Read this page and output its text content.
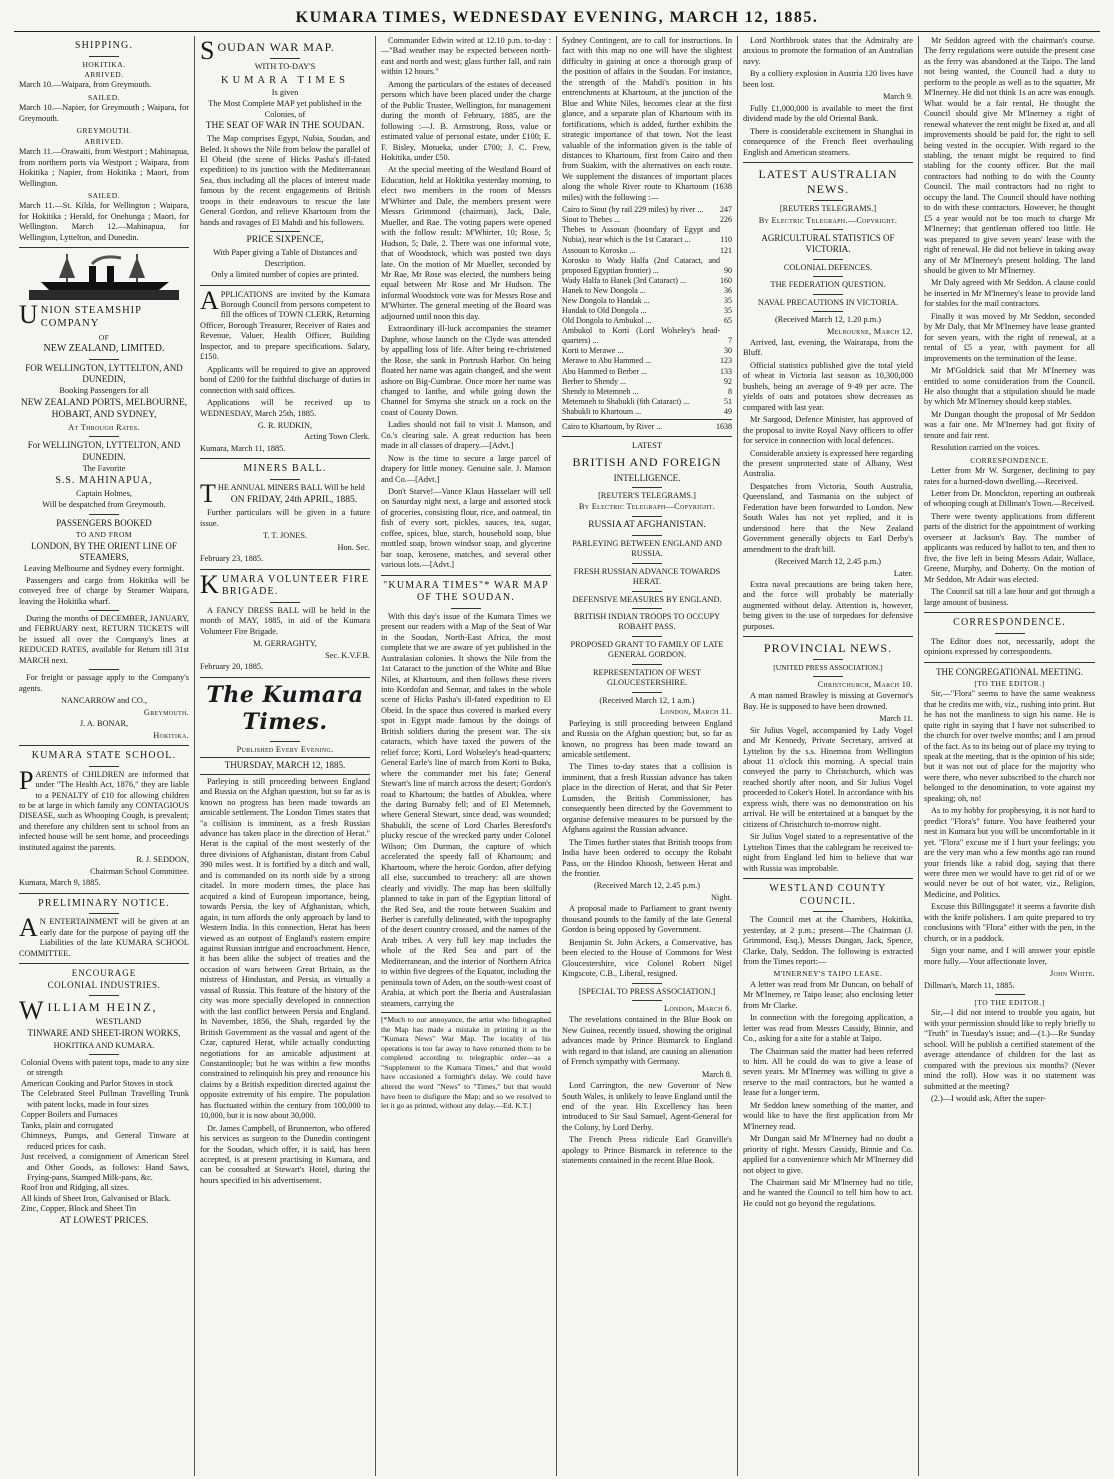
KUMARA TIMES, WEDNESDAY EVENING, MARCH 12, 1885.
SHIPPING.
HOKITIKA.
ARRIVED.

March 10.—Waipara, from Greymouth.

SAILED.

March 10.—Napier, for Greymouth ; Waipara, for Greymouth.

GREYMOUTH.
ARRIVED.

March 11.—Orawaiti, from Westport ; Mahinapua, from northern ports via Westport ; Waipara, from Hokitika ; Napier, from Hokitika ; Maori, from Wellington.

SAILED.

March 11.—St. Kilda, for Wellington ; Waipara, for Hokitika ; Herald, for Onehunga ; Maori, for Wellington. March 12.—Mahinapua, for Wellington, Lyttelton, and Dunedin.

UNION STEAMSHIP COMPANY
OF
NEW ZEALAND, LIMITED.
FOR WELLINGTON, LYTTELTON, AND DUNEDIN,
Booking Passengers for all
NEW ZEALAND PORTS, MELBOURNE, HOBART, AND SYDNEY,
At Through Rates.
For WELLINGTON, LYTTELTON, AND DUNEDIN.
The Favorite
S.S. MAHINAPUA,
Captain Holmes,
Will be despatched from Greymouth.
PASSENGERS BOOKED
TO AND FROM
LONDON, BY THE ORIENT LINE OF STEAMERS,
Leaving Melbourne and Sydney every fortnight.

Passengers and cargo from Hokitika will be conveyed free of charge by Steamer Waipara, leaving the Hokitika wharf.

During the months of DECEMBER, JANUARY, and FEBRUARY next, RETURN TICKETS will be issued all over the Company's lines at REDUCED RATES, available for Return till 31st MARCH next.

For freight or passage apply to the Company's agents.

NANCARROW and CO.,
Greymouth.
J. A. BONAR,
Hokitika.
KUMARA STATE SCHOOL.

PARENTS of CHILDREN are informed that under "The Health Act, 1876," they are liable to a PENALTY of £10 for allowing children to be at large in which family any CONTAGIOUS DISEASE, such as Whooping Cough, is prevalent; and therefore any children sent to school from an infected house will be sent home, and proceedings instituted against the parents.

R. J. SEDDON,
Chairman School Committee.
Kumara, March 9, 1885.
PRELIMINARY NOTICE.

AN ENTERTAINMENT will be given at an early date for the purpose of paying off the Liabilities of the late KUMARA SCHOOL COMMITTEE.

ENCOURAGE
COLONIAL INDUSTRIES.
WILLIAM HEINZ,
WESTLAND
TINWARE AND SHEET-IRON WORKS,
HOKITIKA AND KUMARA.
Colonial Ovens with patent tops, made to any size or strength
American Cooking and Parlor Stoves in stock
The Celebrated Steel Pullman Travelling Trunk with patent locks, made in four sizes
Copper Boilers and Furnaces
Tanks, plain and corrugated
Chimneys, Pumps, and General Tinware at reduced prices for cash.
Just received, a consignment of American Steel and Other Goods, as follows: Hand Saws, Frying-pans, Stamped Milk-pans, &c.
Roof Iron and Ridging, all sizes.
All kinds of Sheet Iron, Galvanised or Black.
Zinc, Copper, Block and Sheet Tin
AT LOWEST PRICES.
SOUDAN WAR MAP.
WITH TO-DAY'S
KUMARA TIMES
Is given
The Most Complete MAP yet published in the Colonies, of
THE SEAT OF WAR IN THE SOUDAN.

The Map comprises Egypt, Nubia, Soudan, and Beled. It shows the Nile from below the parallel of El Obeid (the scene of Hicks Pasha's ill-fated expedition) to its junction with the Mediterranean Sea, thus including all the places of interest made famous by the recent engagements of British troops in their endeavours to rescue the late General Gordon, and relieve Khartoum from the hands and ravages of El Mahdi and his followers.

PRICE SIXPENCE,
With Paper giving a Table of Distances and Description.
Only a limited number of copies are printed.

APPLICATIONS are invited by the Kumara Borough Council from persons competent to fill the offices of TOWN CLERK, Returning Officer, Borough Treasurer, Receiver of Rates and Revenue, Valuer, Health Officer, Building Inspector, and to prepare specifications. Salary, £150.

Applicants will be required to give an approved bond of £200 for the faithful discharge of duties in connection with said offices.

Applications will be received up to WEDNESDAY, March 25th, 1885.

G. R. RUDKIN,
Acting Town Clerk.
Kumara, March 11, 1885.
MINERS BALL.

THE ANNUAL MINERS BALL Will be held

ON FRIDAY, 24th APRIL, 1885.

Further particulars will be given in a future issue.

T. T. JONES.
Hon. Sec.
February 23, 1885.
KUMARA VOLUNTEER FIRE BRIGADE.

A FANCY DRESS BALL will be held in the month of MAY, 1885, in aid of the Kumara Volunteer Fire Brigade.

M. GERRAGHTY,
Sec. K.V.F.B.
February 20, 1885.
The Kumara Times.
Published Every Evening.
THURSDAY, MARCH 12, 1885.

Parleying is still proceeding between England and Russia on the Afghan question, but so far as is known no progress has been made towards an amicable settlement. The London Times states that "a collision is imminent, as a fresh Russian advance has taken place in the direction of Herat." Herat is the capital of the most westerly of the three divisions of Afghanistan, distant from Cabul 390 miles west. It is fortified by a ditch and wall, and is commanded on its north side by a strong citadel. In more modern times, the place has acquired a kind of European importance, being, towards Persia, the key of Afghanistan, which, again, in turn affords the only approach by land to Western India. In this connection, Herat has been viewed as an outpost of England's eastern empire against Russian intrigue and encroachment. Hence, it has been alike the subject of treaties and the occasion of wars between Great Britain, as the mistress of Hindustan, and Persia, as virtually a vassal of Russia. This feature of the history of the city was more specially developed in connection with the last conflict between Persia and England. In November, 1856, the Shah, regarded by the British Government as the vassal and agent of the Czar, captured Herat, while actually conducting negotiations for an amicable adjustment at Constantinople; but he was within a few months constrained to relinquish his prey and renounce his claims by a British expedition directed against the opposite extremity of his empire. The population has fluctuated within the century from 100,000 to 10,000, but it is now about 30,000.

Dr. James Campbell, of Brunnerton, who offered his services as surgeon to the Dunedin contingent for the Soudan, which offer, it is said, has been accepted, is at present practising in Kumara, and can be consulted at Stewart's Hotel, during the hours specified in his advertisement.

Commander Edwin wired at 12.10 p.m. to-day :—"Bad weather may be expected between north-east and north and west; glass further fall, and rain within 12 hours."

Among the particulars of the estates of deceased persons which have been placed under the charge of the Public Trustee, Wellington, for management during the month of February, 1885, are the following :—J. B. Armstrong, Ross, value or estimated value of personal estate, under £100; E. F. Bisley, Motueka, under £700; J. C. Frew, Hokitika, under £50.

At the special meeting of the Westland Board of Education, held at Hokitika yesterday morning, to elect two members in the room of Messrs M'Whirter and Dale, the members present were Messrs Grimmond (chairman), Jack, Dale, Mueller, and Rae. The voting papers were opened with the follow result: M'Whirter, 10; Rose, 5; Hudson, 5; Dale, 2. There was one informal vote, that of Woodstock, which was posted two days late. On the motion of Mr Mueller, seconded by Mr Rae, Mr Rose was elected, the numbers being equal between Mr Rose and Mr Hudson. The informal Woodstock vote was for Messrs Rose and M'Whirter. The general meeting of the Board was adjourned until noon this day.

Extraordinary ill-luck accompanies the steamer Daphne, whose launch on the Clyde was attended by appalling loss of life. After being re-christened the Rose, she sank in Portrush Harbor. On being floated her name was again changed, and she went ashore on Big-Cumbrae. Once more her name was changed to Ianthe, and while going down the Channel for Smyrna she struck on a rock on the coast of County Down.

Ladies should not fail to visit J. Manson, and Co.'s clearing sale. A great reduction has been made in all classes of drapery.—[Advt.]

Now is the time to secure a large parcel of drapery for little money. Genuine sale. J. Manson and Co.—[Advt.]

Don't Starve!—Vance Klaus Hasselaer will sell on Saturday night next, a large and assorted stock of groceries, consisting flour, rice, and oatmeal, tin fish of every sort, pickles, sauces, tea, sugar, coffee, spices, blue, starch, household soap, blue mottled soap, brown windsor soap, and glycerine bar soap, kerosene, matches, and several other various lots.—[Advt.]

"KUMARA TIMES"* WAR MAP OF THE SOUDAN.

With this day's issue of the Kumara Times we present our readers with a Map of the Seat of War in the Soudan, North-East Africa, the most complete that we are aware of yet published in the Australasian colonies. It shows the Nile from the 1st Cataract to the junction of the White and Blue Niles, at Khartoum, and then follows these rivers into Kordofan and Sennar, and takes in the whole scene of Hicks Pasha's ill-fated expedition to El Obeid. In the space thus covered is marked every spot in Egypt made famous by the doings of British soldiers during the present war. The six cataracts, which have taxed the powers of the relief force; Korti, Lord Wolseley's head-quarters; General Earle's line of march from Korti to Buka, where the commander met his fate; General Stewart's line of march across the desert; Gordon's road to Khartoum; the battles of Abuklea, where the daring Burnaby fell; and of El Metemneh, where General Stewart, since dead, was wounded; Shabukli, the scene of Lord Charles Beresford's plucky rescue of the wrecked party under Colonel Wilson; Om Durman, the capture of which accelerated the speedy fall of Khartoum; and Khartoum, where the heroic Gordon, after defying all else, succumbed to treachery: all are shown clearly and vividly. The map has been skilfully planned to take in part of the Egyptian littoral of the Red Sea, and the route between Suakim and Berber is carefully delineated, with the topography of the desert country crossed, and the names of the Arab tribes. A very full key map includes the whole of the Red Sea and part of the Mediterranean, and the interior of Northern Africa to within five degrees of the Equator, including the peninsula town of Aden, on the south-west coast of Arabia, at which port the Iberia and Australasian steamers, carrying the

[*Much to our annoyance, the artist who lithographed the Map has made a mistake in printing it as the "Kumara News" War Map. The locality of his operations is too far away to have returned them to be completed according to telegraphic order—as a "Supplement to the Kumara Times," and that would have occasioned a fortnight's delay. We could have altered the word "News" to "Times," but that would have been to disfigure the Map; and so we resolved to let it go as printed, without any delay.—Ed. K.T.]

Sydney Contingent, are to call for instructions. In fact with this map no one will have the slightest difficulty in gaining at once a thorough grasp of the position of affairs in the Soudan. For instance, the strength of the Mahdi's position in his entrenchments at Khartoum, at the junction of the Blue and White Niles, becomes clear at the first glance, and a separate plan of Khartoum with its fortifications, which is added, further exhibits the strategic importance of that town. Not the least valuable of the information given is the table of distances to Khartoum, first from Cairo and then from Suakim, with the alternatives on each route. We supplement the distances of important places along the whole River route to Khartoum (1638 miles) with the following :—

Cairo to Siout (by rail 229 miles) by river ...	247
Siout to Thebes ...	226
Thebes to Assouan (boundary of Egypt and Nubia), near which is the 1st Cataract ...	110
Assouan to Korosko ...	121
Korosko to Wady Halfa (2nd Cataract, and proposed Egyptian frontier) ...	90
Wady Halfa to Hanek (3rd Cataract) ...	160
Hanek to New Dongola ...	36
New Dongola to Handak ...	35
Handak to Old Dongola ...	35
Old Dongola to Ambukol ...	65
Ambukol to Korti (Lord Wolseley's head-quarters) ...	7
Korti to Merawe ...	30
Merawe to Abu Hammed ...	123
Abu Hammed to Berber ...	133
Berber to Shendy ...	92
Shendy to Metemneh ...	8
Metemneh to Shabukli (6th Cataract) ...	51
Shabukli to Khartoum ...	49
Cairo to Khartoum, by River ...	1638
LATEST
BRITISH AND FOREIGN
INTELLIGENCE.
[REUTER'S TELEGRAMS.]
By Electric Telegraph—Copyright.
RUSSIA AT AFGHANISTAN.
PARLEYING BETWEEN ENGLAND AND RUSSIA.
FRESH RUSSIAN ADVANCE TOWARDS HERAT.
DEFENSIVE MEASURES BY ENGLAND.
BRITISH INDIAN TROOPS TO OCCUPY ROBAHT PASS.
PROPOSED GRANT TO FAMILY OF LATE GENERAL GORDON.
REPRESENTATION OF WEST GLOUCESTERSHIRE.
(Received March 12, 1 a.m.)
London, March 11.

Parleying is still proceeding between England and Russia on the Afghan question; but, so far as known, no progress has been made toward an amicable settlement.

The Times to-day states that a collision is imminent, that a fresh Russian advance has taken place in the direction of Herat, and that Sir Peter Lumsden, the British Commissioner, has consequently been directed by the Government to organise defensive measures to be pursued by the Afghans against the Russian advance.

The Times further states that British troops from India have been ordered to occupy the Robaht Pass, on the Hindoo Khoosh, between Herat and the frontier.

(Received March 12, 2.45 p.m.)
Night.

A proposal made to Parliament to grant twenty thousand pounds to the family of the late General Gordon is being opposed by Government.

Benjamin St. John Ackers, a Conservative, has been elected to the House of Commons for West Gloucestershire, vice Colonel Robert Nigel Kingscote, C.B., Liberal, resigned.

[SPECIAL TO PRESS ASSOCIATION.]
London, March 6.

The revelations contained in the Blue Book on New Guinea, recently issued, showing the original advances made by Prince Bismarck to England with regard to that island, are causing an alienation of French sympathy with Germany.

March 8.

Lord Carrington, the new Governor of New South Wales, is unlikely to leave England until the end of the year. His Excellency has been introduced to Sir Saul Samuel, Agent-General for the Colony, by Lord Derby.

The French Press ridicule Earl Granville's apology to Prince Bismarck in reference to the statements contained in the recent Blue Book.

Lord Northbrook states that the Admiralty are anxious to promote the formation of an Australian navy.

By a colliery explosion in Austria 120 lives have been lost.

March 9.

Fully £1,000,000 is available to meet the first dividend made by the old Oriental Bank.

There is considerable excitement in Shanghai in consequence of the French fleet overhauling English and American steamers.

LATEST AUSTRALIAN NEWS.
[REUTERS TELEGRAMS.]
By Electric Telegraph.—Copyright.
AGRICULTURAL STATISTICS OF VICTORIA.
COLONIAL DEFENCES.
THE FEDERATION QUESTION.
NAVAL PRECAUTIONS IN VICTORIA.
(Received March 12, 1.20 p.m.)
Melbourne, March 12.

Arrived, last, evening, the Wairarapa, from the Bluff.

Official statistics published give the total yield of wheat in Victoria last season as 10,300,000 bushels, being an average of 9·49 per acre. The yields of oats and potatoes show decreases as compared with last year.

Mr Sargood, Defence Minister, has approved of the proposal to invite Royal Navy officers to offer for service in connection with local defences.

Considerable anxiety is expressed here regarding the present unprotected state of Albany, West Australia.

Despatches from Victoria, South Australia, Queensland, and Tasmania on the subject of Federation have been forwarded to London. New South Wales has not yet replied, and it is understood here that the New Zealand Government generally objects to Earl Derby's amendment to the draft bill.

(Received March 12, 2.45 p.m.)
Later.

Extra naval precautions are being taken here, and the force will probably be materially augmented without delay. Attention is, however, being given to the use of torpedoes for defensive purposes.

PROVINCIAL NEWS.
[UNITED PRESS ASSOCIATION.]
Christchurch, March 10.

A man named Brawley is missing at Governor's Bay. He is supposed to have been drowned.

March 11.

Sir Julius Vogel, accompanied by Lady Vogel and Mr Kennedy, Private Secretary, arrived at Lyttelton by the s.s. Hinemoa from Wellington about 11 o'clock this morning. A special train conveyed the party to Christchurch, which was reached shortly after noon, and Sir Julius Vogel proceeded to Coker's Hotel. In accordance with his express wish, there was no demonstration on his arrival. He will be entertained at a banquet by the citizens of Christchurch to-morrow night.

Sir Julius Vogel stated to a representative of the Lyttelton Times that the cablegram he received to-night from England led him to believe that war with Russia was improbable.

WESTLAND COUNTY COUNCIL.

The Council met at the Chambers, Hokitika, yesterday, at 2 p.m.; present—The Chairman (J. Grimmond, Esq.), Messrs Dungan, Jack, Spence, Clarke, Daly, Seddon. The following is extracted from the Times report:—

M'INERNEY'S TAIPO LEASE.

A letter was read from Mr Duncan, on behalf of Mr M'Inerney, re Taipo lease; also enclosing letter from Mr Clarke.

In connection with the foregoing application, a letter was read from Messrs Cassidy, Binnie, and Co., asking for a site for a stable at Taipo.

The Chairman said the matter had been referred to him. All he could do was to give a lease of seven years. Mr M'Inerney was willing to give a reserve to the mail contractors, but he wanted a lease for a longer term.

Mr Seddon knew something of the matter, and would like to have the first application from Mr M'Inerney read.

Mr Dungan said Mr M'Inerney had no doubt a priority of right. Messrs Cassidy, Binnie and Co. applied for a convenience which Mr M'Inerney did not object to give.

The Chairman said Mr M'Inerney had no title, and he wanted the Council to tell him how to act. He could not go beyond the regulations.

Mr Seddon agreed with the chairman's course. The ferry regulations were outside the present case as the ferry was abandoned at the Taipo. The land not being wanted, the Council had a duty to perform to the people as well as to the squatter, Mr M'Inerney. He did not think 1s an acre was enough. What would be a fair rental, He thought the Council should give Mr M'Inerney a right of renewal whatever the rent might be fixed at, and all improvements should be paid for, the right to sell being vested in the occupier. With regard to the stabling, the tenant might be required to find stabling for the county officer. But the mail contractors had nothing to do with the County Council. The mail contractors had no right to occupy the land. The Council should have nothing to do with these contractors. However, he thought £5 a year would not be too much to charge Mr M'Inerney; that gentleman offered too little. He was prepared to give seven years' lease with the right of renewal. He did not believe in taking away any of Mr M'Inerney's present holding. The land should be given to Mr M'Inerney.

Mr Daly agreed with Mr Seddon. A clause could be inserted in Mr M'Inerney's lease to provide land for stables for the mail contractors.

Finally it was moved by Mr Seddon, seconded by Mr Daly, that Mr M'Inerney have lease granted for seven years, with the right of renewal, at a rental of £5 a year, with payment for all improvements on the termination of the lease.

Mr M'Goldrick said that Mr M'Inerney was entitled to some consideration from the Council. He also thought that a stipulation should be made by which Mr M'Inerney should keep stables.

Mr Dungan thought the proposal of Mr Seddon was a fair one. Mr M'Inerney had got fixity of tenure and fair rent.

Resolution carried on the voices.

CORRESPONDENCE.

Letter from Mr W. Surgener, declining to pay rates for a burned-down dwelling.—Received.

Letter from Dr. Monckton, reporting an outbreak of whooping cough at Dillman's Town.—Received.

There were twenty applications from different parts of the district for the appointment of working overseer at Jackson's Bay. The number of applicants was reduced by ballot to ten, and then to five, the five left in being Messrs Adair, Wallace, Greene, Murphy, and Doherty. On the motion of Mr Seddon, Mr Adair was elected.

The Council sat till a late hour and got through a large amount of business.

CORRESPONDENCE.

The Editor does not, necessarily, adopt the opinions expressed by correspondents.

THE CONGREGATIONAL MEETING.
[TO THE EDITOR.]

Sir,—"Flora" seems to have the same weakness that he credits me with, viz., rushing into print. But he has not the manliness to sign his name. He is quite right in saying that I have not subscribed to the church for over twelve months; and I am proud of the fact. As to its being out of place my trying to speak at the meeting, that is the opinion of his side; but it was not out of place for the majority who were there, who never subscribed to the church nor belonged to the denomination, to vote against my speaking; oh, no!

As to my hobby for prophesying, it is not hard to predict "Flora's" future. You have feathered your nest in Kumara but you will be uncomfortable in it yet. "Flora" excuse me if I hurt your feelings; you are the very man who a few months ago ran round your friends like a rabid dog, saying that there were three men we would have to get rid of or we would never be out of hot water, viz., Religion, Medicine, and Politics.

Excuse this Billingsgate! it seems a favorite dish with the knife polishers. I am quite prepared to try conclusions with "Flora" either with the pen, in the church, or in a paddock.

Sign your name, and I will answer your epistle more fully.—Your affectionate lover,

John White.
Dillman's, March 11, 1885.
[TO THE EDITOR.]

Sir,—I did not intend to trouble you again, but with your permission should like to reply briefly to "Truth" in Tuesday's issue; and—(1.)—Re Sunday school. Will he publish a certified statement of the average attendance of children for the last as compared with the previous six months? (Never mind the roll). How was it no statement was submitted at the meeting?

(2.)—I would ask, After the super-
